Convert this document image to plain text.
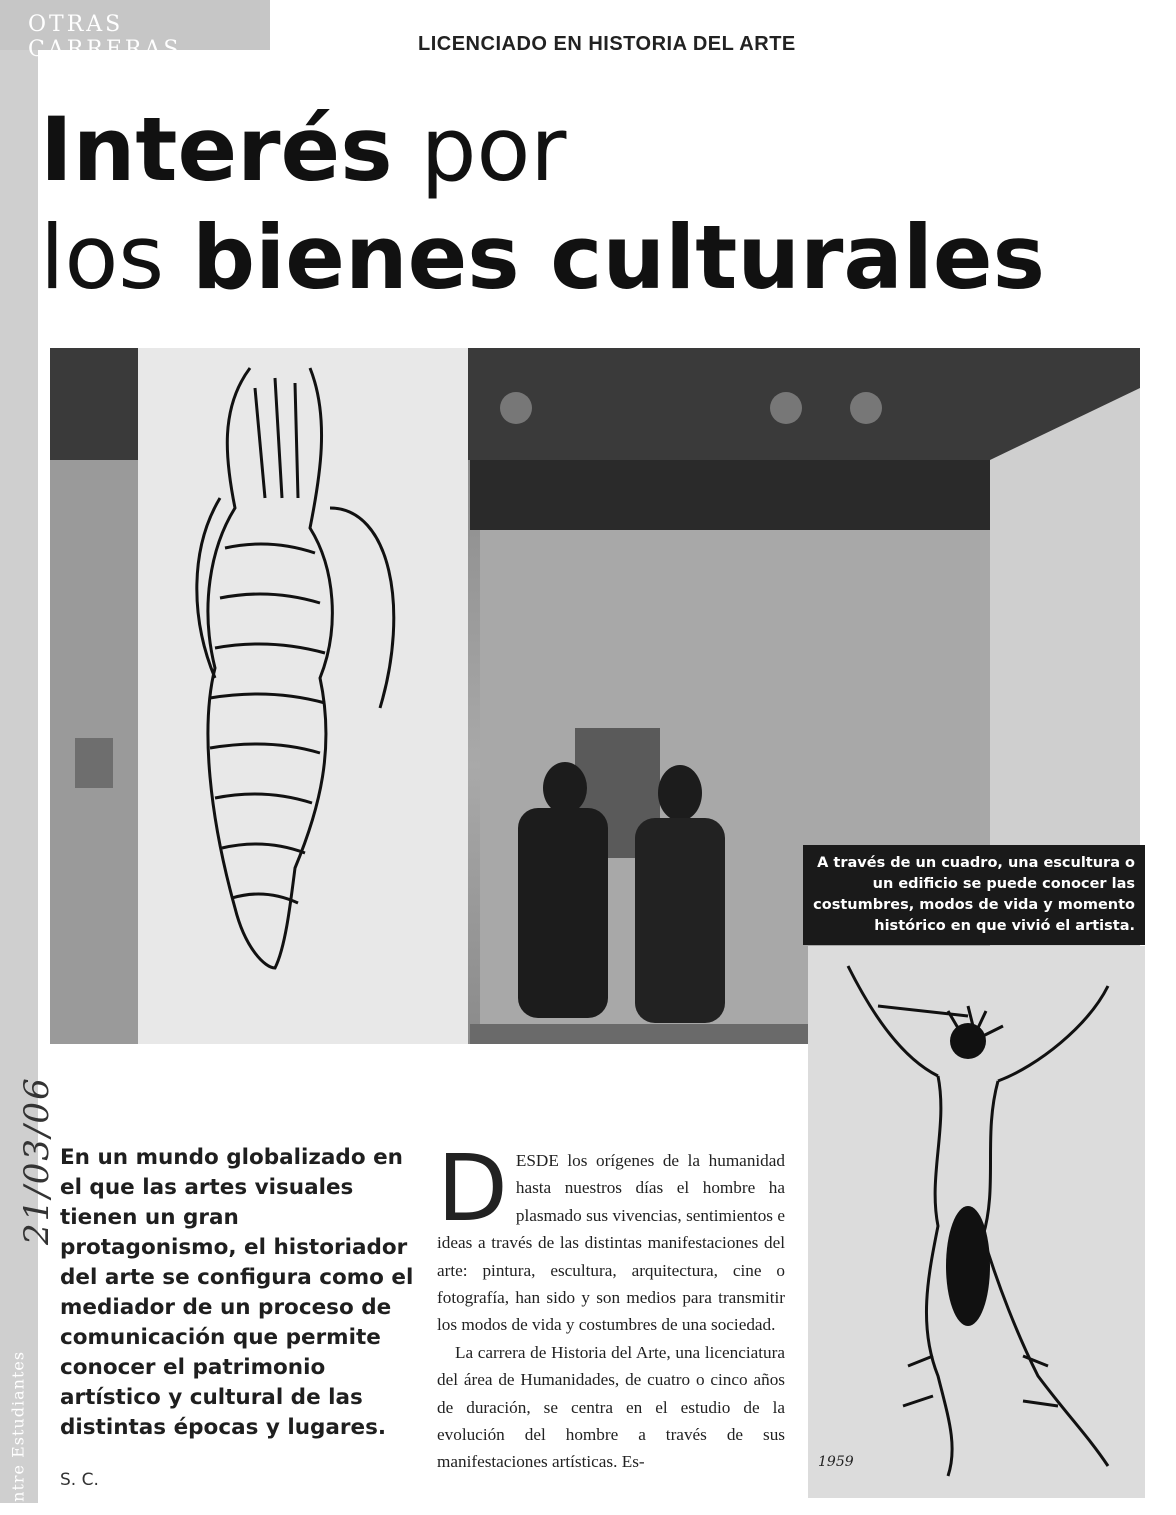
OTRAS CARRERAS	LICENCIADO EN HISTORIA DEL ARTE
Interés por
los bienes culturales

A través de un cuadro, una escultura o un edificio se puede conocer las costumbres, modos de vida y momento histórico en que vivió el artista.

1959
21/03/06
Entre Estudiantes

En un mundo globalizado en el que las artes visuales tienen un gran protagonismo, el historiador del arte se configura como el mediador de un proceso de comunicación que permite conocer el patrimonio artístico y cultural de las distintas épocas y lugares.

S. C.
D ESDE los orígenes de la humanidad hasta nuestros días el hombre ha plasmado sus vivencias, sentimientos e ideas a través de las distintas manifestaciones del arte: pintura, escultura, arquitectura, cine o fotografía, han sido y son medios para transmitir los modos de vida y costumbres de una sociedad.

La carrera de Historia del Arte, una licenciatura del área de Humanidades, de cuatro o cinco años de duración, se centra en el estudio de la evolución del hombre a través de sus manifestaciones artísticas. Es-
